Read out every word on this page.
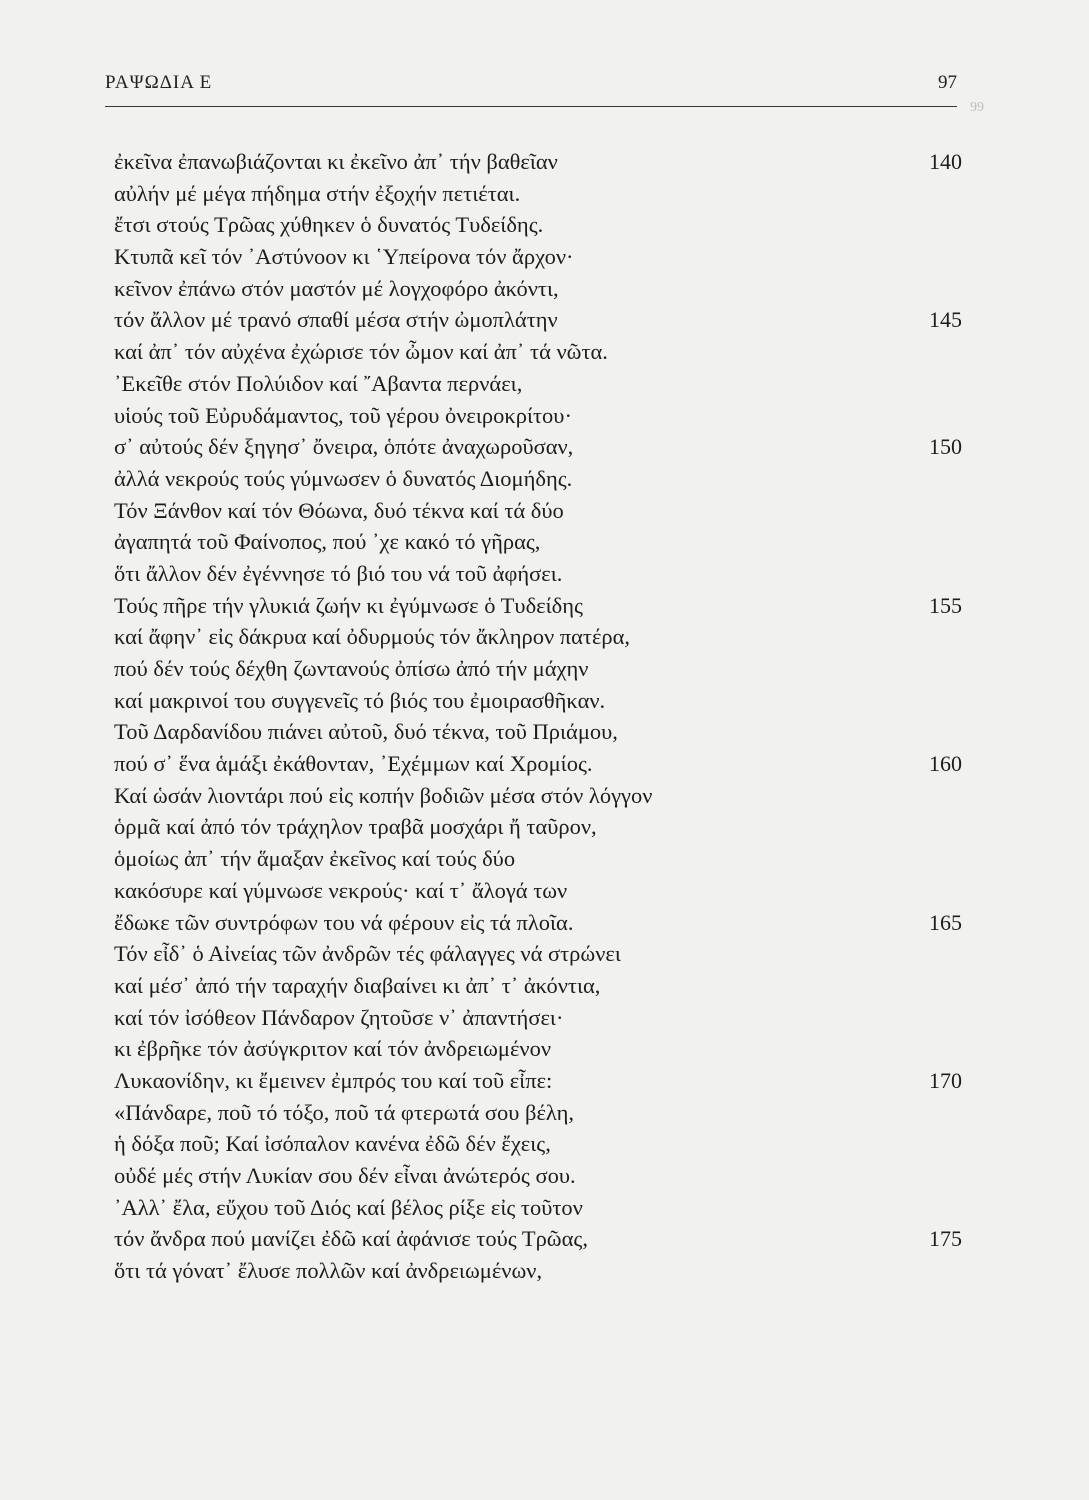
ΡΑΨΩΔΙΑ Ε	97
99
ἐκεῖνα ἐπανωβιάζονται κι ἐκεῖνο ἀπ᾽ τήν βαθεῖαν	140
αὐλήν μέ μέγα πήδημα στήν ἐξοχήν πετιέται.
ἔτσι στούς Τρῶας χύθηκεν ὁ δυνατός Τυδείδης.
Κτυπᾶ κεῖ τόν ᾿Αστύνοον κι ῾Υπείρονα τόν ἄρχον·
κεῖνον ἐπάνω στόν μαστόν μέ λογχοφόρο ἀκόντι,
τόν ἄλλον μέ τρανό σπαθί μέσα στήν ὠμοπλάτην	145
καί ἀπ᾽ τόν αὐχένα ἐχώρισε τόν ὦμον καί ἀπ᾽ τά νῶτα.
᾿Εκεῖθε στόν Πολύιδον καί ῎Αβαντα περνάει,
υἱούς τοῦ Εὐρυδάμαντος, τοῦ γέρου ὀνειροκρίτου·
σ᾽ αὐτούς δέν ξηγησ᾽ ὄνειρα, ὁπότε ἀναχωροῦσαν,	150
ἀλλά νεκρούς τούς γύμνωσεν ὁ δυνατός Διομήδης.
Τόν Ξάνθον καί τόν Θόωνα, δυό τέκνα καί τά δύο
ἀγαπητά τοῦ Φαίνοπος, πού ᾽χε κακό τό γῆρας,
ὅτι ἄλλον δέν ἐγέννησε τό βιό του νά τοῦ ἀφήσει.
Τούς πῆρε τήν γλυκιά ζωήν κι ἐγύμνωσε ὁ Τυδείδης	155
καί ἄφην᾽ εἰς δάκρυα καί ὀδυρμούς τόν ἄκληρον πατέρα,
πού δέν τούς δέχθη ζωντανούς ὀπίσω ἀπό τήν μάχην
καί μακρινοί του συγγενεῖς τό βιός του ἐμοιρασθῆκαν.
Τοῦ Δαρδανίδου πιάνει αὐτοῦ, δυό τέκνα, τοῦ Πριάμου,
πού σ᾽ ἕνα ἁμάξι ἐκάθονταν, ᾿Εχέμμων καί Χρομίος.	160
Καί ὡσάν λιοντάρι πού εἰς κοπήν βοδιῶν μέσα στόν λόγγον
ὁρμᾶ καί ἀπό τόν τράχηλον τραβᾶ μοσχάρι ἤ ταῦρον,
ὁμοίως ἀπ᾽ τήν ἅμαξαν ἐκεῖνος καί τούς δύο
κακόσυρε καί γύμνωσε νεκρούς· καί τ᾽ ἄλογά των
ἔδωκε τῶν συντρόφων του νά φέρουν εἰς τά πλοῖα.	165
Τόν εἶδ᾽ ὁ Αἰνείας τῶν ἀνδρῶν τές φάλαγγες νά στρώνει
καί μέσ᾽ ἀπό τήν ταραχήν διαβαίνει κι ἀπ᾽ τ᾽ ἀκόντια,
καί τόν ἰσόθεον Πάνδαρον ζητοῦσε ν᾽ ἀπαντήσει·
κι ἐβρῆκε τόν ἀσύγκριτον καί τόν ἀνδρειωμένον
Λυκαονίδην, κι ἔμεινεν ἐμπρός του καί τοῦ εἶπε:	170
«Πάνδαρε, ποῦ τό τόξο, ποῦ τά φτερωτά σου βέλη,
ἡ δόξα ποῦ; Καί ἰσόπαλον κανένα ἐδῶ δέν ἔχεις,
οὐδέ μές στήν Λυκίαν σου δέν εἶναι ἀνώτερός σου.
᾿Αλλ᾽ ἔλα, εὔχου τοῦ Διός καί βέλος ρίξε εἰς τοῦτον
τόν ἄνδρα πού μανίζει ἐδῶ καί ἀφάνισε τούς Τρῶας,	175
ὅτι τά γόνατ᾽ ἔλυσε πολλῶν καί ἀνδρειωμένων,
